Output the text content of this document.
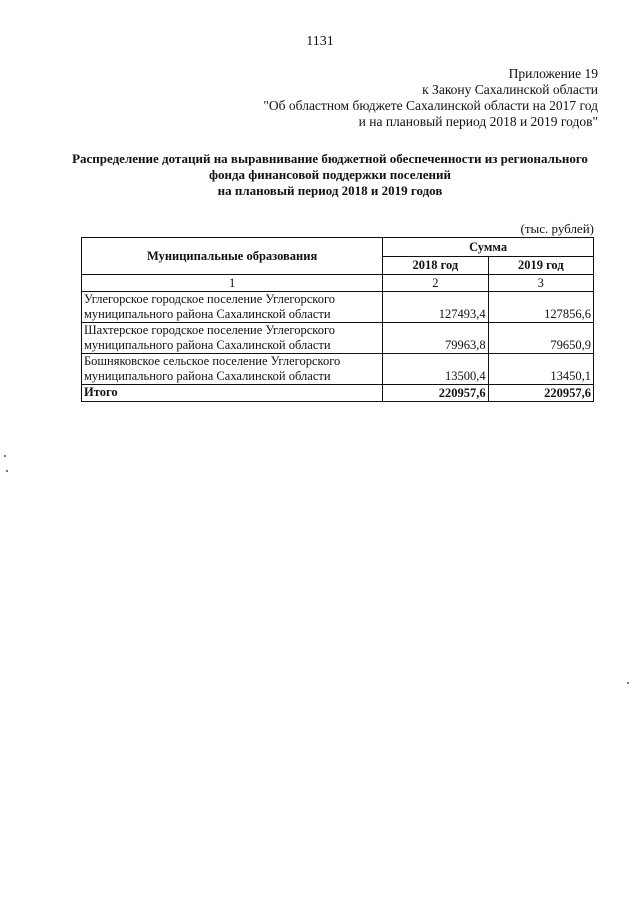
1131
Приложение 19
к Закону Сахалинской области
"Об областном бюджете Сахалинской области на 2017 год
и на плановый период 2018 и 2019 годов"
Распределение дотаций на выравнивание бюджетной обеспеченности из регионального
фонда финансовой поддержки поселений
на плановый период 2018 и 2019 годов
(тыс. рублей)
Муниципальные образования	Сумма	
	2018 год	2019 год
1	2	3

Углегорское городское поселение Углегорского
муниципального района Сахалинской области	127493,4	127856,6

Шахтерское городское поселение Углегорского
муниципального района Сахалинской области	79963,8	79650,9

Бошняковское сельское поселение Углегорского
муниципального района Сахалинской области	13500,4	13450,1
Итого	220957,6	220957,6
